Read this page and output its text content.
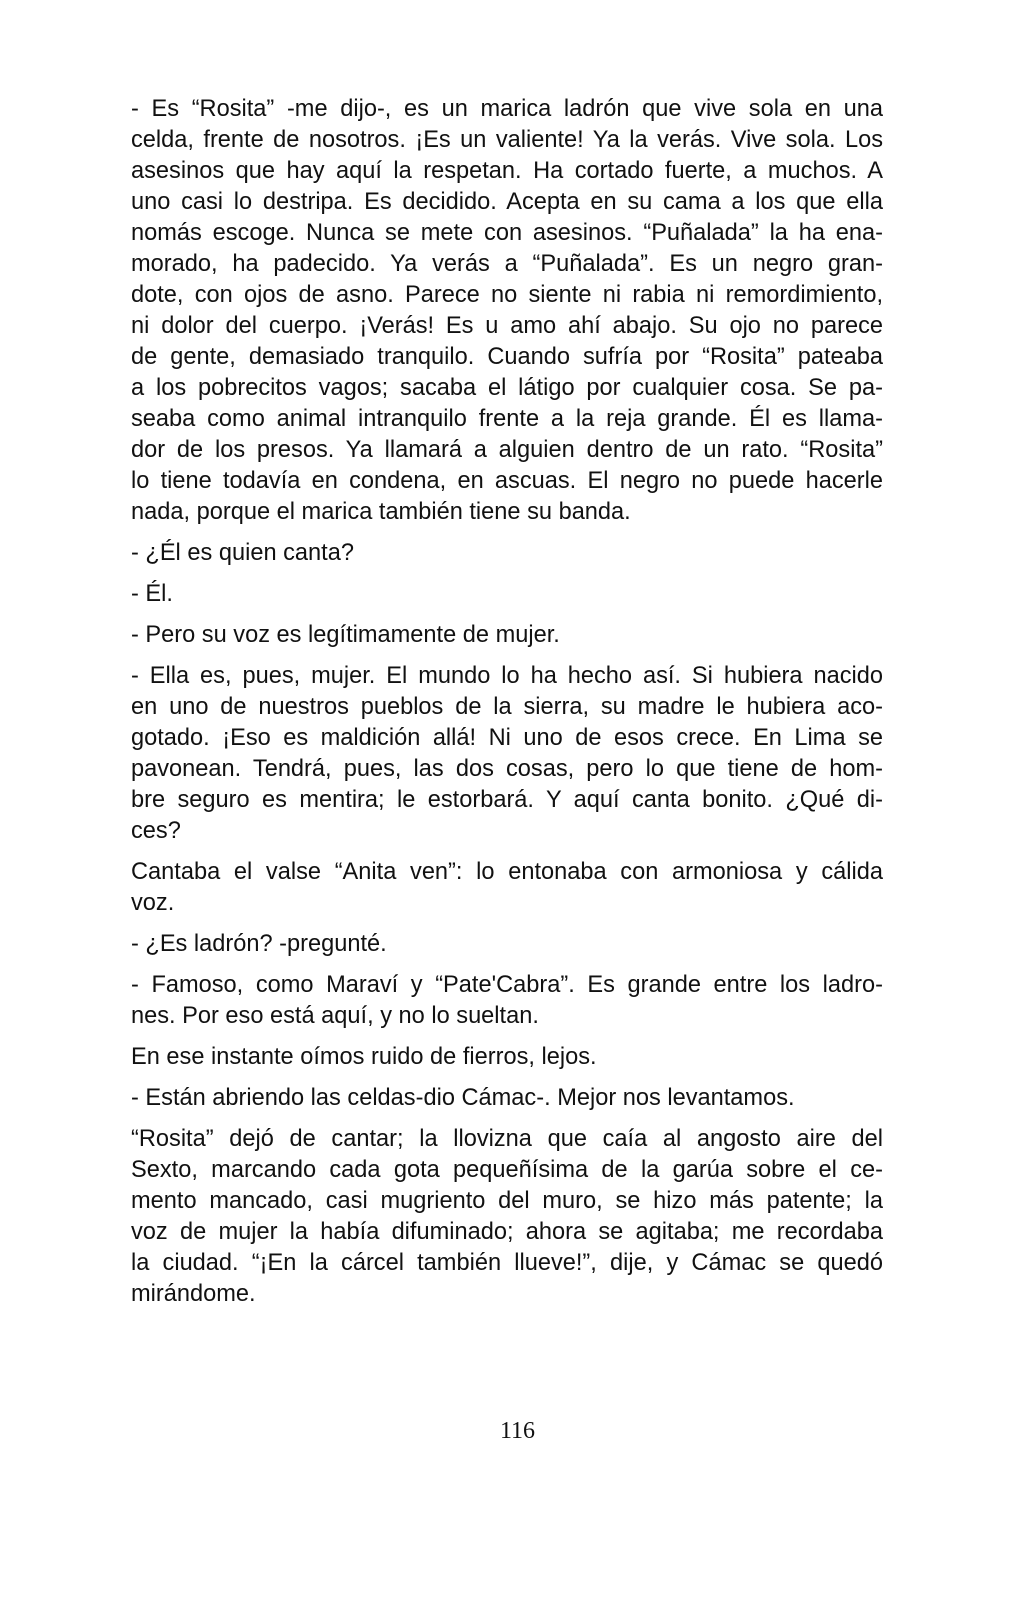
- Es “Rosita” -me dijo-, es un marica ladrón que vive sola en una
celda, frente de nosotros. ¡Es un valiente! Ya la verás. Vive sola. Los
asesinos que hay aquí la respetan. Ha cortado fuerte, a muchos. A
uno casi lo destripa. Es decidido. Acepta en su cama a los que ella
nomás escoge. Nunca se mete con asesinos. “Puñalada” la ha ena-
morado, ha padecido. Ya verás a “Puñalada”. Es un negro gran-
dote, con ojos de asno. Parece no siente ni rabia ni remordimiento,
ni dolor del cuerpo. ¡Verás! Es u amo ahí abajo. Su ojo no parece
de gente, demasiado tranquilo. Cuando sufría por “Rosita” pateaba
a los pobrecitos vagos; sacaba el látigo por cualquier cosa. Se pa-
seaba como animal intranquilo frente a la reja grande. Él es llama-
dor de los presos. Ya llamará a alguien dentro de un rato. “Rosita”
lo tiene todavía en condena, en ascuas. El negro no puede hacerle
nada, porque el marica también tiene su banda.

- ¿Él es quien canta?

- Él.

- Pero su voz es legítimamente de mujer.

- Ella es, pues, mujer. El mundo lo ha hecho así. Si hubiera nacido
en uno de nuestros pueblos de la sierra, su madre le hubiera aco-
gotado. ¡Eso es maldición allá! Ni uno de esos crece. En Lima se
pavonean. Tendrá, pues, las dos cosas, pero lo que tiene de hom-
bre seguro es mentira; le estorbará. Y aquí canta bonito. ¿Qué di-
ces?

Cantaba el valse “Anita ven”: lo entonaba con armoniosa y cálida
voz.

- ¿Es ladrón? -pregunté.

- Famoso, como Maraví y “Pate'Cabra”. Es grande entre los ladro-
nes. Por eso está aquí, y no lo sueltan.

En ese instante oímos ruido de fierros, lejos.

- Están abriendo las celdas-dio Cámac-. Mejor nos levantamos.

“Rosita” dejó de cantar; la llovizna que caía al angosto aire del
Sexto, marcando cada gota pequeñísima de la garúa sobre el ce-
mento mancado, casi mugriento del muro, se hizo más patente; la
voz de mujer la había difuminado; ahora se agitaba; me recordaba
la ciudad. “¡En la cárcel también llueve!”, dije, y Cámac se quedó
mirándome.

116
